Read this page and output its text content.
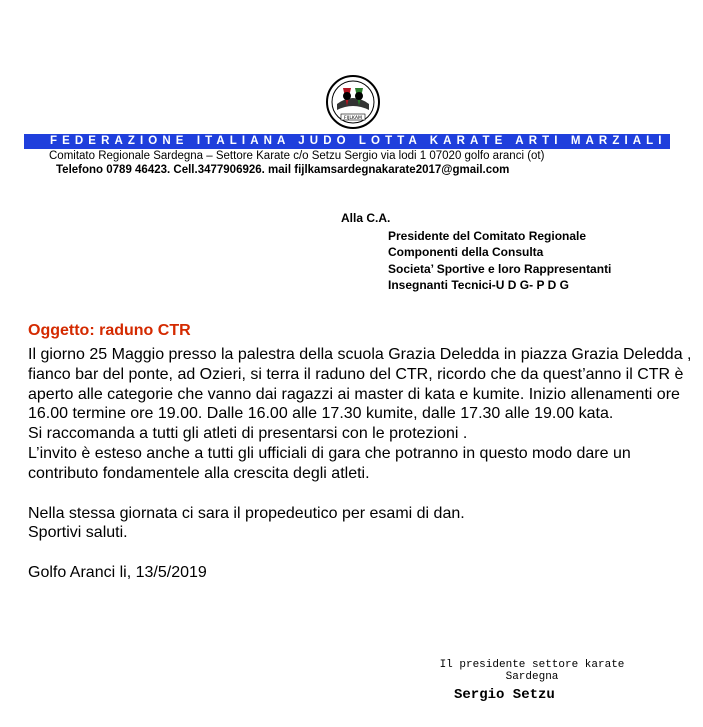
FIJLKAM
FEDERAZIONE ITALIANA JUDO LOTTA KARATE ARTI MARZIALI
Comitato Regionale Sardegna – Settore Karate c/o Setzu Sergio via lodi 1 07020 golfo aranci (ot)
Telefono 0789 46423. Cell.3477906926. mail fijlkamsardegnakarate2017@gmail.com
Alla C.A.
Presidente del Comitato Regionale
Componenti della Consulta
Societa’ Sportive e loro Rappresentanti
Insegnanti Tecnici-U D G- P D G
Oggetto: raduno CTR

Il giorno 25 Maggio presso la palestra della scuola Grazia Deledda in piazza Grazia Deledda , fianco bar del ponte, ad Ozieri, si terra il raduno del CTR, ricordo che da quest’anno il CTR è aperto alle categorie che vanno dai ragazzi ai master di kata e kumite. Inizio allenamenti ore 16.00 termine ore 19.00. Dalle 16.00 alle 17.30 kumite, dalle 17.30 alle 19.00 kata.

Si raccomanda a tutti gli atleti di presentarsi con le protezioni .

L’invito è esteso anche a tutti gli ufficiali di gara che potranno in questo modo dare un contributo fondamentele alla crescita degli atleti.

Nella stessa giornata ci sara il propedeutico per esami di dan.

Sportivi saluti.

Golfo Aranci li, 13/5/2019

Il presidente settore karate
Sardegna
Sergio Setzu
